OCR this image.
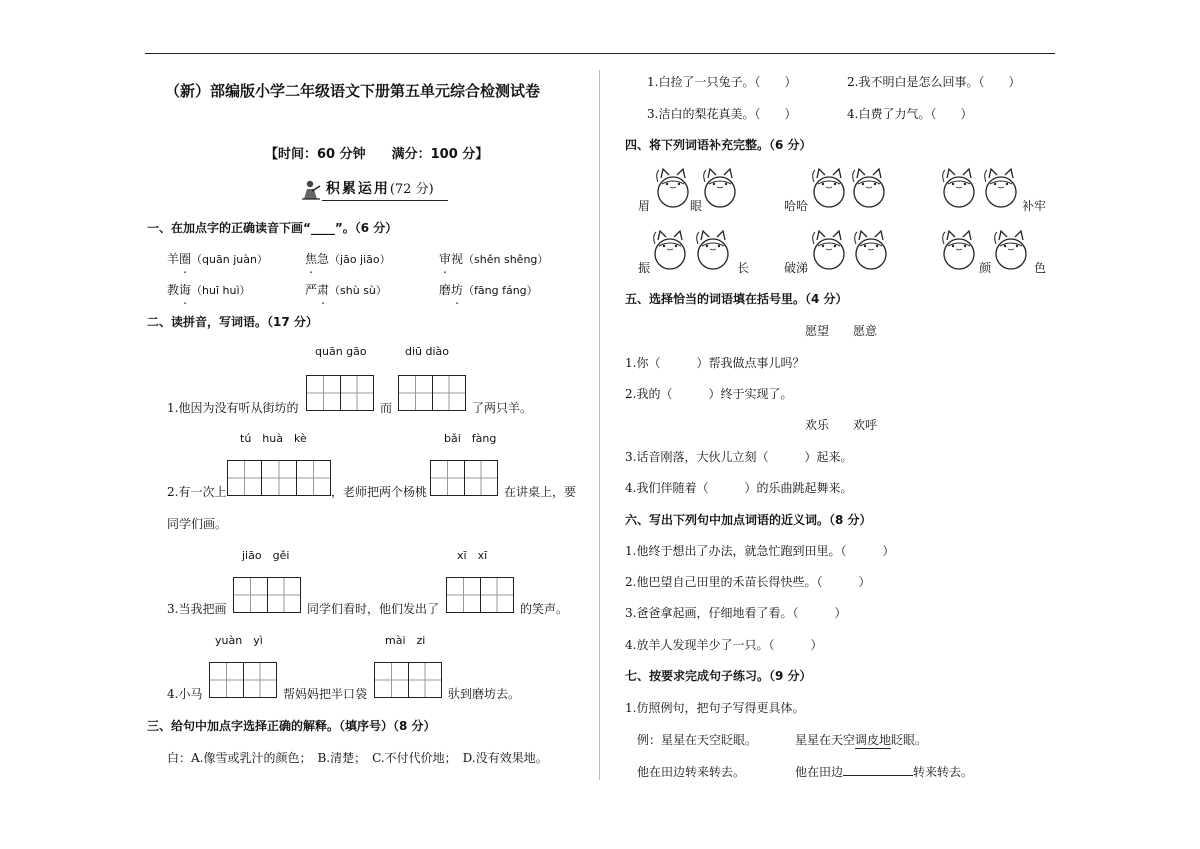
（新）部编版小学二年级语文下册第五单元综合检测试卷
【时间：60 分钟　　满分：100 分】
积累运用(72 分)
一、在加点字的正确读音下画“____”。（6 分）
羊圈（quān juàn）	焦急（jāo jiāo）	审视（shěn shěng）
教诲（huī huì）	严肃（shù sù）	磨坊（fāng fáng）
二、读拼音，写词语。（17 分）
quān gāo	diū diào
1.他因为没有听从街坊的	而	了两只羊。
tú　huà　kè	bǎi　fàng
2.有一次上	，老师把两个杨桃	在讲桌上，要
同学们画。
jiāo　gěi	xī　xī
3.当我把画	同学们看时，他们发出了	的笑声。
yuàn　yì	mài　zi
4.小马	帮妈妈把半口袋	驮到磨坊去。
三、给句中加点字选择正确的解释。（填序号）（8 分）
白：A.像雪或乳汁的颜色；　B.清楚；　C.不付代价地；　D.没有效果地。
1.白捡了一只兔子。（　　）	2.我不明白是怎么回事。（　　）
3.洁白的梨花真美。（　　）	4.白费了力气。（　　）
四、将下列词语补充完整。（6 分）
眉	眼	哈哈	补牢
振	长	破涕	颜	色
五、选择恰当的词语填在括号里。（4 分）
愿望　　愿意
1.你（　　　）帮我做点事儿吗？
2.我的（　　　）终于实现了。
欢乐　　欢呼
3.话音刚落，大伙儿立刻（　　　）起来。
4.我们伴随着（　　　）的乐曲跳起舞来。
六、写出下列句中加点词语的近义词。（8 分）
1.他终于想出了办法，就急忙跑到田里。（　　　）
2.他巴望自己田里的禾苗长得快些。（　　　）
3.爸爸拿起画，仔细地看了看。（　　　）
4.放羊人发现羊少了一只。（　　　）
七、按要求完成句子练习。（9 分）
1.仿照例句，把句子写得更具体。
例：星星在天空眨眼。	星星在天空调皮地眨眼。
他在田边转来转去。	他在田边	转来转去。
